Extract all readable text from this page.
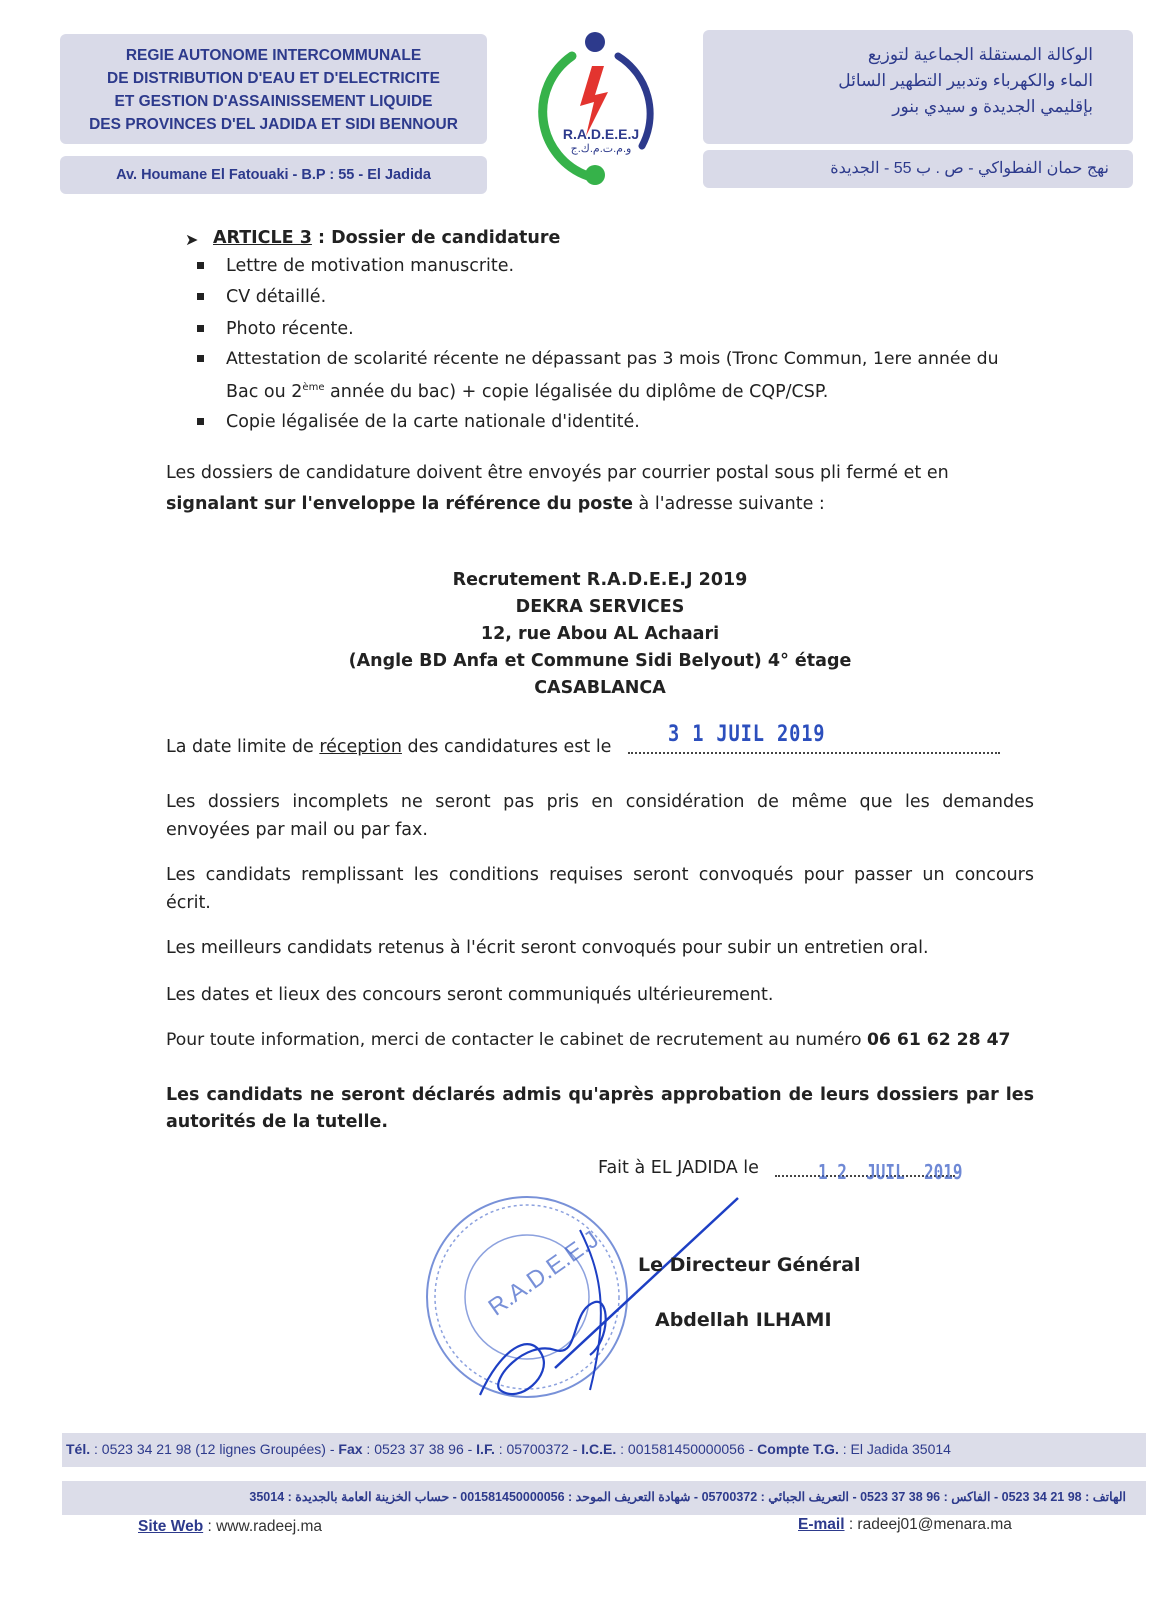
REGIE AUTONOME INTERCOMMUNALE
DE DISTRIBUTION D'EAU ET D'ELECTRICITE
ET GESTION D'ASSAINISSEMENT LIQUIDE
DES PROVINCES D'EL JADIDA ET SIDI BENNOUR
Av. Houmane El Fatouaki - B.P : 55 - El Jadida
الوكالة المستقلة الجماعية لتوزيع
الماء والكهرباء وتدبير التطهير السائل
بإقليمي الجديدة و سيدي بنور
نهج حمان الفطواكي - ص . ب 55 - الجديدة
R.A.D.E.E.J
و.م.ت.م.ك.ج
➤ ARTICLE 3 : Dossier de candidature
Lettre de motivation manuscrite.
CV détaillé.
Photo récente.
Attestation de scolarité récente ne dépassant pas 3 mois (Tronc Commun, 1ere année du
Bac ou 2ème année du bac) + copie légalisée du diplôme de CQP/CSP.
Copie légalisée de la carte nationale d'identité.
Les dossiers de candidature doivent être envoyés par courrier postal sous pli fermé et en
signalant sur l'enveloppe la référence du poste à l'adresse suivante :
Recrutement R.A.D.E.E.J 2019
DEKRA SERVICES
12, rue Abou AL Achaari
(Angle BD Anfa et Commune Sidi Belyout) 4° étage
CASABLANCA
La date limite de réception des candidatures est le	3 1 JUIL 2019
Les dossiers incomplets ne seront pas pris en considération de même que les demandes
envoyées par mail ou par fax.
Les candidats remplissant les conditions requises seront convoqués pour passer un concours
écrit.
Les meilleurs candidats retenus à l'écrit seront convoqués pour subir un entretien oral.
Les dates et lieux des concours seront communiqués ultérieurement.
Pour toute information, merci de contacter le cabinet de recrutement au numéro 06 61 62 28 47
Les candidats ne seront déclarés admis qu'après approbation de leurs dossiers par les
autorités de la tutelle.
Fait à EL JADIDA le	1 2  JUIL  2019
R.A.D.E.E.J Le Directeur Général
Abdellah ILHAMI
Tél. : 0523 34 21 98 (12 lignes Groupées) - Fax : 0523 37 38 96 - I.F. : 05700372 - I.C.E. : 001581450000056 - Compte T.G. : El Jadida 35014
الهاتف : 98 21 34 0523 - الفاكس : 96 38 37 0523 - التعريف الجبائي : 05700372 - شهادة التعريف الموحد : 001581450000056 - حساب الخزينة العامة بالجديدة : 35014
Site Web : www.radeej.ma	E-mail : radeej01@menara.ma
